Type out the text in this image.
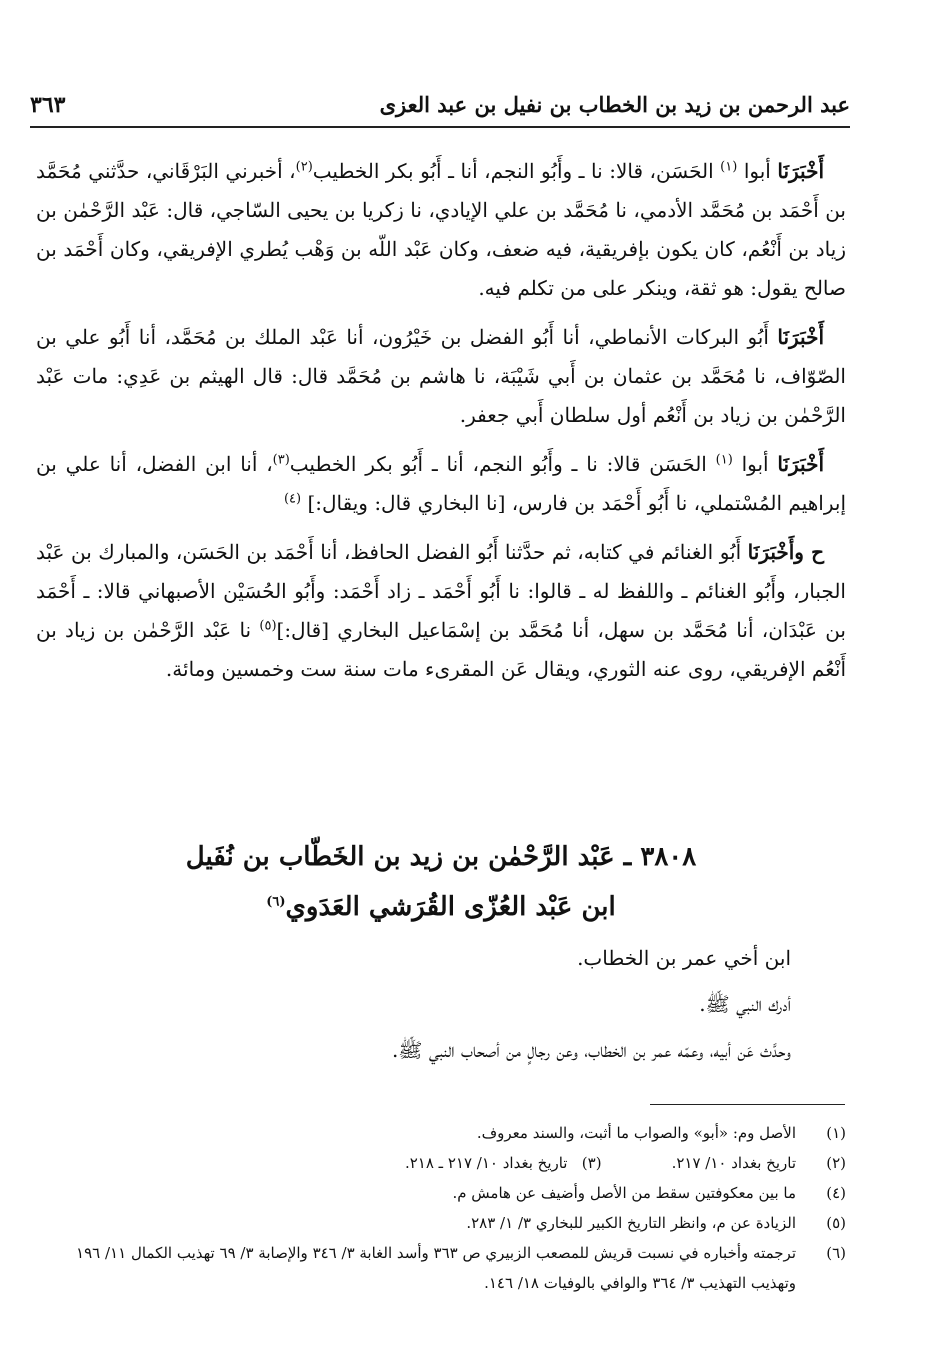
عبد الرحمن بن زيد بن الخطاب بن نفيل بن عبد العزى
٣٦٣

أَخْبَرَنَا أبوا $^{(١)}$ الحَسَن، قالا: نا ـ وأَبُو النجم، أنا ـ أَبُو بكر الخطيب$^{(٢)}$، أخبرني البَرْقَاني، حدَّثني مُحَمَّد بن أَحْمَد بن مُحَمَّد الأدمي، نا مُحَمَّد بن علي الإيادي، نا زكريا بن يحيى السّاجي، قال: عَبْد الرَّحْمٰن بن زياد بن أَنْعُم، كان يكون بإفريقية، فيه ضعف، وكان عَبْد اللّه بن وَهْب يُطري الإفريقي، وكان أَحْمَد بن صالح يقول: هو ثقة، وينكر على من تكلم فيه.

أَخْبَرَنَا أَبُو البركات الأنماطي، أنا أَبُو الفضل بن خَيْرُون، أنا عَبْد الملك بن مُحَمَّد، أنا أَبُو علي بن الصّوّاف، نا مُحَمَّد بن عثمان بن أَبي شَيْبَة، نا هاشم بن مُحَمَّد قال: قال الهيثم بن عَدِي: مات عَبْد الرَّحْمٰن بن زياد بن أَنْعُم أول سلطان أَبي جعفر.

أَخْبَرَنَا أبوا $^{(١)}$ الحَسَن قالا: نا ـ وأَبُو النجم، أنا ـ أَبُو بكر الخطيب$^{(٣)}$، أنا ابن الفضل، أنا علي بن إبراهيم المُسْتملي، نا أَبُو أَحْمَد بن فارس، [نا البخاري قال: ويقال:] $^{(٤)}$

ح وأَخْبَرَنَا أَبُو الغنائم في كتابه، ثم حدَّثنا أَبُو الفضل الحافظ، أنا أَحْمَد بن الحَسَن، والمبارك بن عَبْد الجبار، وأَبُو الغنائم ـ واللفظ له ـ قالوا: نا أَبُو أَحْمَد ـ زاد أَحْمَد: وأَبُو الحُسَيْن الأصبهاني قالا: ـ أَحْمَد بن عَبْدَان، أنا مُحَمَّد بن سهل، أنا مُحَمَّد بن إسْمَاعيل البخاري [قال:]$^{(٥)}$ نا عَبْد الرَّحْمٰن بن زياد بن أَنْعُم الإفريقي، روى عنه الثوري، ويقال عَن المقرىء مات سنة ست وخمسين ومائة.

٣٨٠٨ ـ عَبْد الرَّحْمٰن بن زيد بن الخَطّاب بن نُفَيل
ابن عَبْد العُزّى القُرَشي العَدَوي$^{(٦)}$
ابن أخي عمر بن الخطاب.
أدرك النبي ﷺ.
وحدَّث عَن أبيه، وعمّه عمر بن الخطاب، وعن رجالٍ من أصحاب النبي ﷺ.
(١)
الأصل وم: «أبو» والصواب ما أثبت، والسند معروف.
(٢)
تاريخ بغداد ١٠/ ٢١٧.(٣)   تاريخ بغداد ١٠/ ٢١٧ ـ ٢١٨.
(٤)
ما بين معكوفتين سقط من الأصل وأضيف عن هامش م.
(٥)
الزيادة عن م، وانظر التاريخ الكبير للبخاري ٣/ ١/ ٢٨٣.
(٦)
ترجمته وأخباره في نسبت قريش للمصعب الزبيري ص ٣٦٣ وأسد الغابة ٣/ ٣٤٦ والإصابة ٣/ ٦٩ تهذيب الكمال ١١/ ١٩٦ وتهذيب التهذيب ٣/ ٣٦٤ والوافي بالوفيات ١٨/ ١٤٦.
